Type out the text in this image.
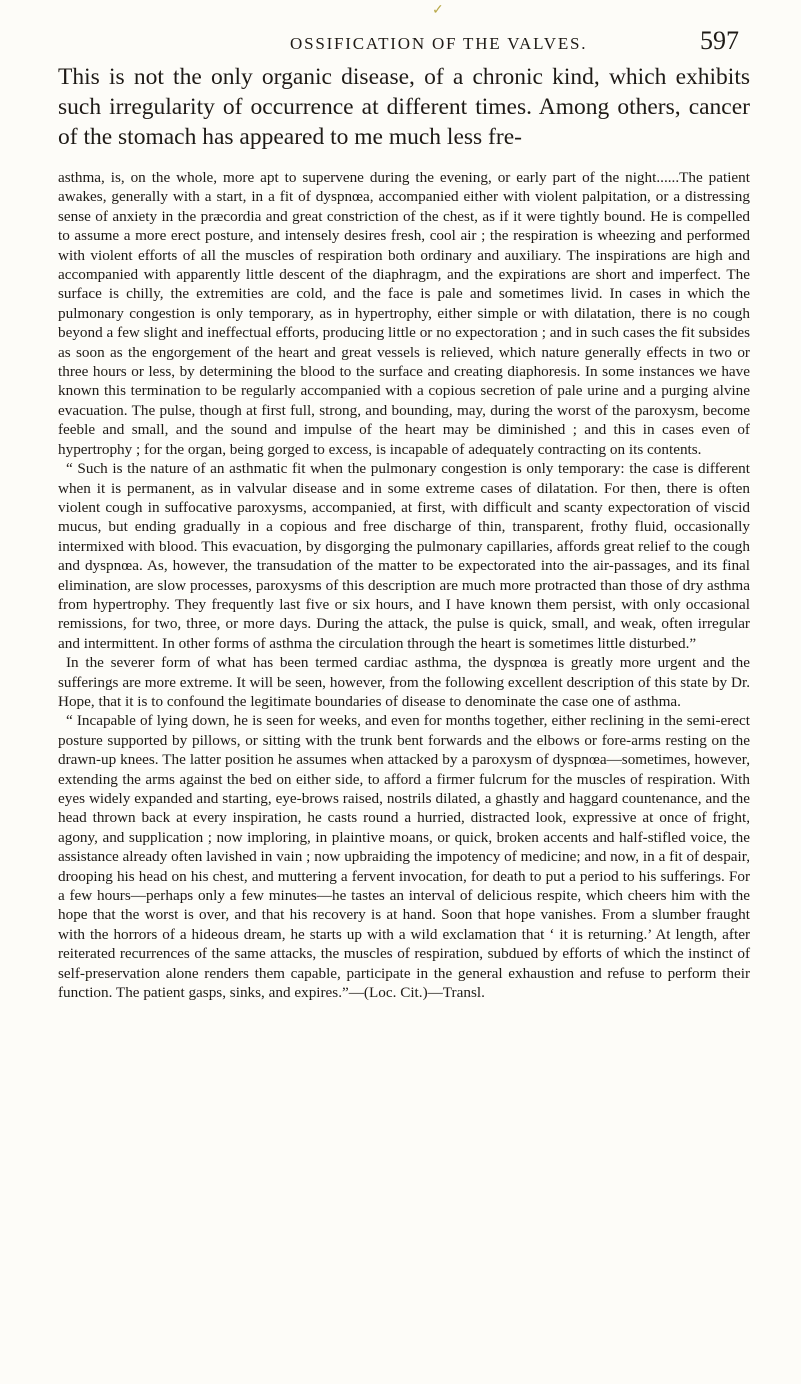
✓
OSSIFICATION OF THE VALVES.	597

This is not the only organic disease, of a chronic kind, which exhibits such irregularity of occurrence at different times. Among others, cancer of the stomach has appeared to me much less fre-

asthma, is, on the whole, more apt to supervene during the evening, or early part of the night......The patient awakes, generally with a start, in a fit of dyspnœa, accompanied either with violent palpitation, or a distressing sense of anxiety in the præcordia and great constriction of the chest, as if it were tightly bound. He is compelled to assume a more erect posture, and intensely desires fresh, cool air ; the respiration is wheezing and performed with violent efforts of all the muscles of respiration both ordinary and auxiliary. The inspirations are high and accompanied with apparently little descent of the diaphragm, and the expirations are short and imperfect. The surface is chilly, the extremities are cold, and the face is pale and sometimes livid. In cases in which the pulmonary congestion is only temporary, as in hypertrophy, either simple or with dilatation, there is no cough beyond a few slight and ineffectual efforts, producing little or no expectoration ; and in such cases the fit subsides as soon as the engorgement of the heart and great vessels is relieved, which nature generally effects in two or three hours or less, by determining the blood to the surface and creating diaphoresis. In some instances we have known this termination to be regularly accompanied with a copious secretion of pale urine and a purging alvine evacuation. The pulse, though at first full, strong, and bounding, may, during the worst of the paroxysm, become feeble and small, and the sound and impulse of the heart may be diminished ; and this in cases even of hypertrophy ; for the organ, being gorged to excess, is incapable of adequately contracting on its contents.

“ Such is the nature of an asthmatic fit when the pulmonary congestion is only temporary: the case is different when it is permanent, as in valvular disease and in some extreme cases of dilatation. For then, there is often violent cough in suffocative paroxysms, accompanied, at first, with difficult and scanty expectoration of viscid mucus, but ending gradually in a copious and free discharge of thin, transparent, frothy fluid, occasionally intermixed with blood. This evacuation, by disgorging the pulmonary capillaries, affords great relief to the cough and dyspnœa. As, however, the transudation of the matter to be expectorated into the air-passages, and its final elimination, are slow processes, paroxysms of this description are much more protracted than those of dry asthma from hypertrophy. They frequently last five or six hours, and I have known them persist, with only occasional remissions, for two, three, or more days. During the attack, the pulse is quick, small, and weak, often irregular and intermittent. In other forms of asthma the circulation through the heart is sometimes little disturbed.”

In the severer form of what has been termed cardiac asthma, the dyspnœa is greatly more urgent and the sufferings are more extreme. It will be seen, however, from the following excellent description of this state by Dr. Hope, that it is to confound the legitimate boundaries of disease to denominate the case one of asthma.

“ Incapable of lying down, he is seen for weeks, and even for months together, either reclining in the semi-erect posture supported by pillows, or sitting with the trunk bent forwards and the elbows or fore-arms resting on the drawn-up knees. The latter position he assumes when attacked by a paroxysm of dyspnœa—sometimes, however, extending the arms against the bed on either side, to afford a firmer fulcrum for the muscles of respiration. With eyes widely expanded and starting, eye-brows raised, nostrils dilated, a ghastly and haggard countenance, and the head thrown back at every inspiration, he casts round a hurried, distracted look, expressive at once of fright, agony, and supplication ; now imploring, in plaintive moans, or quick, broken accents and half-stifled voice, the assistance already often lavished in vain ; now upbraiding the impotency of medicine; and now, in a fit of despair, drooping his head on his chest, and muttering a fervent invocation, for death to put a period to his sufferings. For a few hours—perhaps only a few minutes—he tastes an interval of delicious respite, which cheers him with the hope that the worst is over, and that his recovery is at hand. Soon that hope vanishes. From a slumber fraught with the horrors of a hideous dream, he starts up with a wild exclamation that ‘ it is returning.’ At length, after reiterated recurrences of the same attacks, the muscles of respiration, subdued by efforts of which the instinct of self-preservation alone renders them capable, participate in the general exhaustion and refuse to perform their function. The patient gasps, sinks, and expires.”—(Loc. Cit.)—Transl.
